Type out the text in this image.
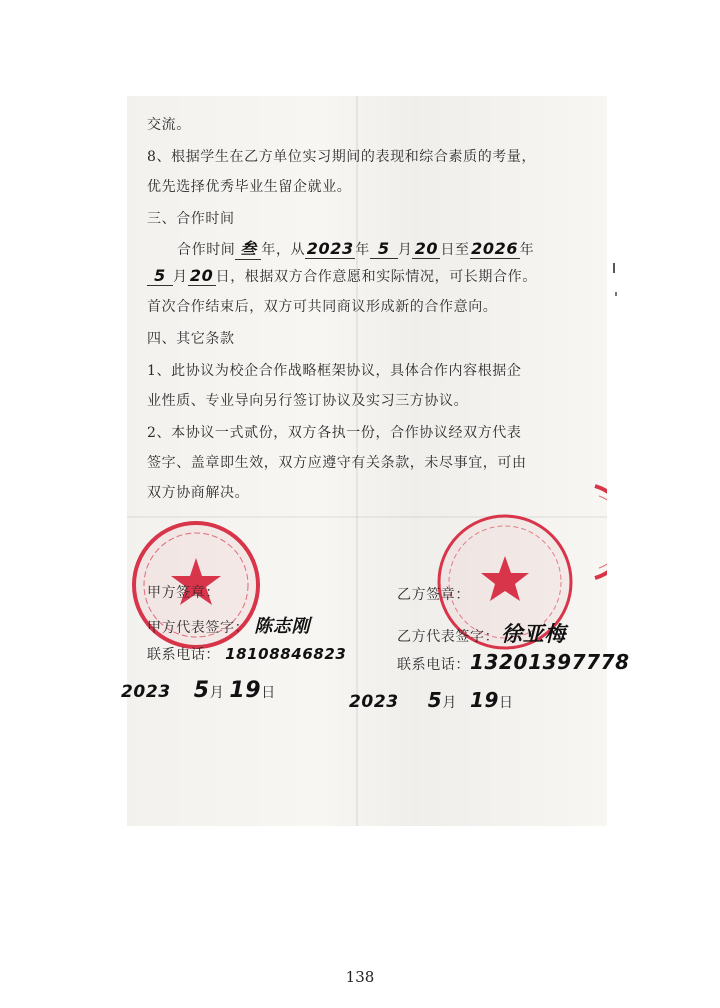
交流。
8、根据学生在乙方单位实习期间的表现和综合素质的考量，
优先选择优秀毕业生留企就业。
三、合作时间
合作时间 叁 年，从2023 年 5 月 20 日至2026 年
5 月 20 日，根据双方合作意愿和实际情况，可长期合作。
首次合作结束后，双方可共同商议形成新的合作意向。
四、其它条款
1、此协议为校企合作战略框架协议，具体合作内容根据企
业性质、专业导向另行签订协议及实习三方协议。
2、本协议一式贰份，双方各执一份，合作协议经双方代表
签字、盖章即生效，双方应遵守有关条款，未尽事宜，可由
双方协商解决。
甲方签章：
甲方代表签字： 陈志刚
联系电话： 18108846823
2023 5月 19日
乙方签章：
乙方代表签字：徐亚梅
联系电话：13201397778
2023 5月 19日
138
